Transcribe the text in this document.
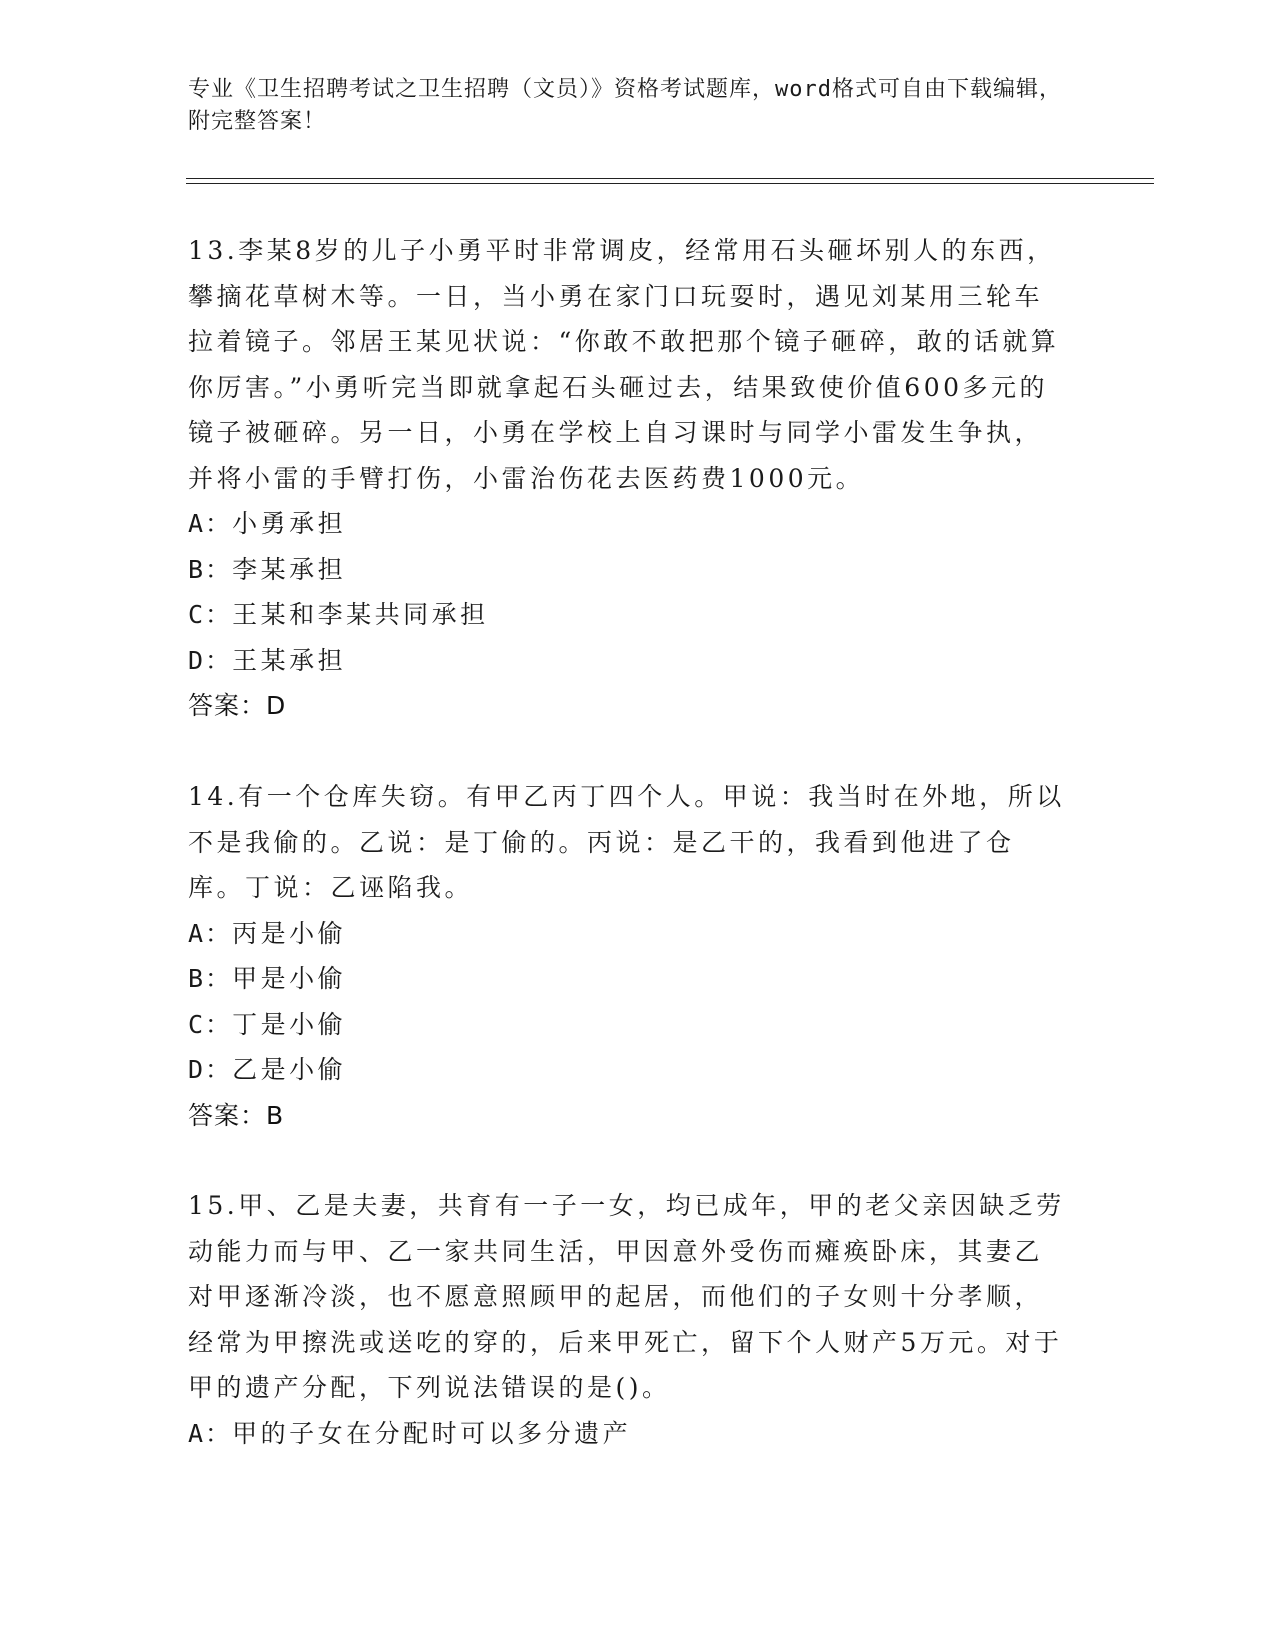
专业《卫生招聘考试之卫生招聘（文员）》资格考试题库，word格式可自由下载编辑，附完整答案！
13.李某8岁的儿子小勇平时非常调皮，经常用石头砸坏别人的东西，攀摘花草树木等。一日，当小勇在家门口玩耍时，遇见刘某用三轮车拉着镜子。邻居王某见状说：“你敢不敢把那个镜子砸碎，敢的话就算你厉害。”小勇听完当即就拿起石头砸过去，结果致使价值600多元的镜子被砸碎。另一日，小勇在学校上自习课时与同学小雷发生争执，并将小雷的手臂打伤，小雷治伤花去医药费1000元。
A：小勇承担
B：李某承担
C：王某和李某共同承担
D：王某承担
答案：D
14.有一个仓库失窃。有甲乙丙丁四个人。甲说：我当时在外地，所以不是我偷的。乙说：是丁偷的。丙说：是乙干的，我看到他进了仓库。丁说：乙诬陷我。
A：丙是小偷
B：甲是小偷
C：丁是小偷
D：乙是小偷
答案：B
15.甲、乙是夫妻，共育有一子一女，均已成年，甲的老父亲因缺乏劳动能力而与甲、乙一家共同生活，甲因意外受伤而瘫痪卧床，其妻乙对甲逐渐冷淡，也不愿意照顾甲的起居，而他们的子女则十分孝顺，经常为甲擦洗或送吃的穿的，后来甲死亡，留下个人财产5万元。对于甲的遗产分配，下列说法错误的是()。
A：甲的子女在分配时可以多分遗产
